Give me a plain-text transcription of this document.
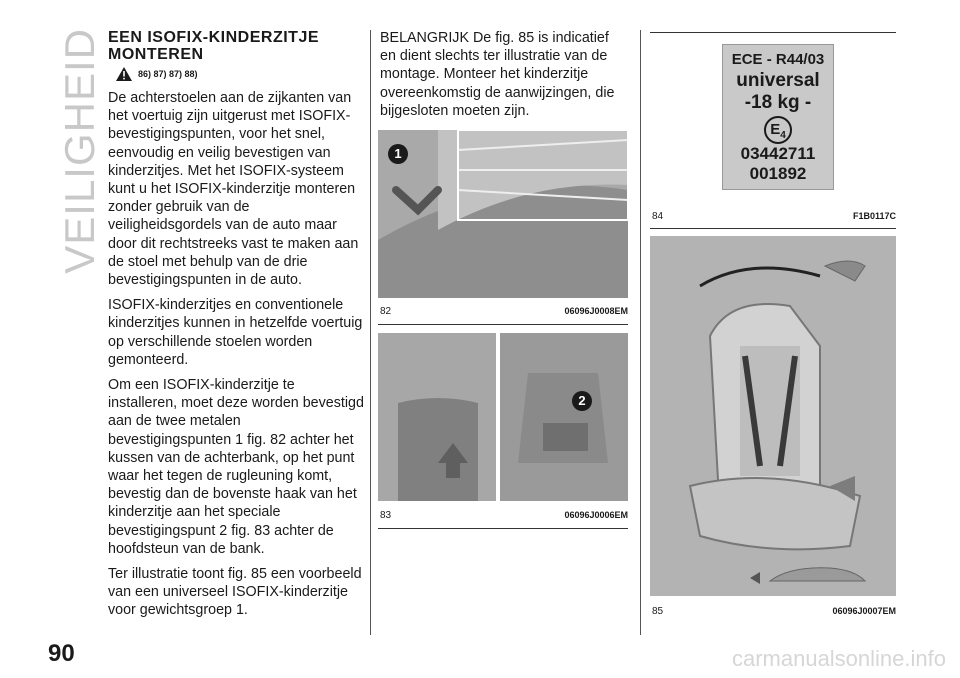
VEILIGHEID
90
EEN ISOFIX-KINDERZITJE MONTEREN
86) 87) 87) 88)

De achterstoelen aan de zijkanten van het voertuig zijn uitgerust met ISOFIX-bevestigingspunten, voor het snel, eenvoudig en veilig bevestigen van kinderzitjes. Met het ISOFIX-systeem kunt u het ISOFIX-kinderzitje monteren zonder gebruik van de veiligheidsgordels van de auto maar door dit rechtstreeks vast te maken aan de stoel met behulp van de drie bevestigingspunten in de auto.

ISOFIX-kinderzitjes en conventionele kinderzitjes kunnen in hetzelfde voertuig op verschillende stoelen worden gemonteerd.

Om een ISOFIX-kinderzitje te installeren, moet deze worden bevestigd aan de twee metalen bevestigingspunten 1 fig. 82 achter het kussen van de achterbank, op het punt waar het tegen de rugleuning komt, bevestig dan de bovenste haak van het kinderzitje aan het speciale bevestigingspunt 2 fig. 83 achter de hoofdsteun van de bank.

Ter illustratie toont fig. 85 een voorbeeld van een universeel ISOFIX-kinderzitje voor gewichtsgroep 1.

BELANGRIJK De fig. 85 is indicatief en dient slechts ter illustratie van de montage. Monteer het kinderzitje overeenkomstig de aanwijzingen, die bijgesloten moeten zijn.

1
82	06096J0008EM
2
83	06096J0006EM
ECE - R44/03
universal
-18 kg -
$E_4$
03442711
001892
84	F1B0117C
85	06096J0007EM
carmanualsonline.info
